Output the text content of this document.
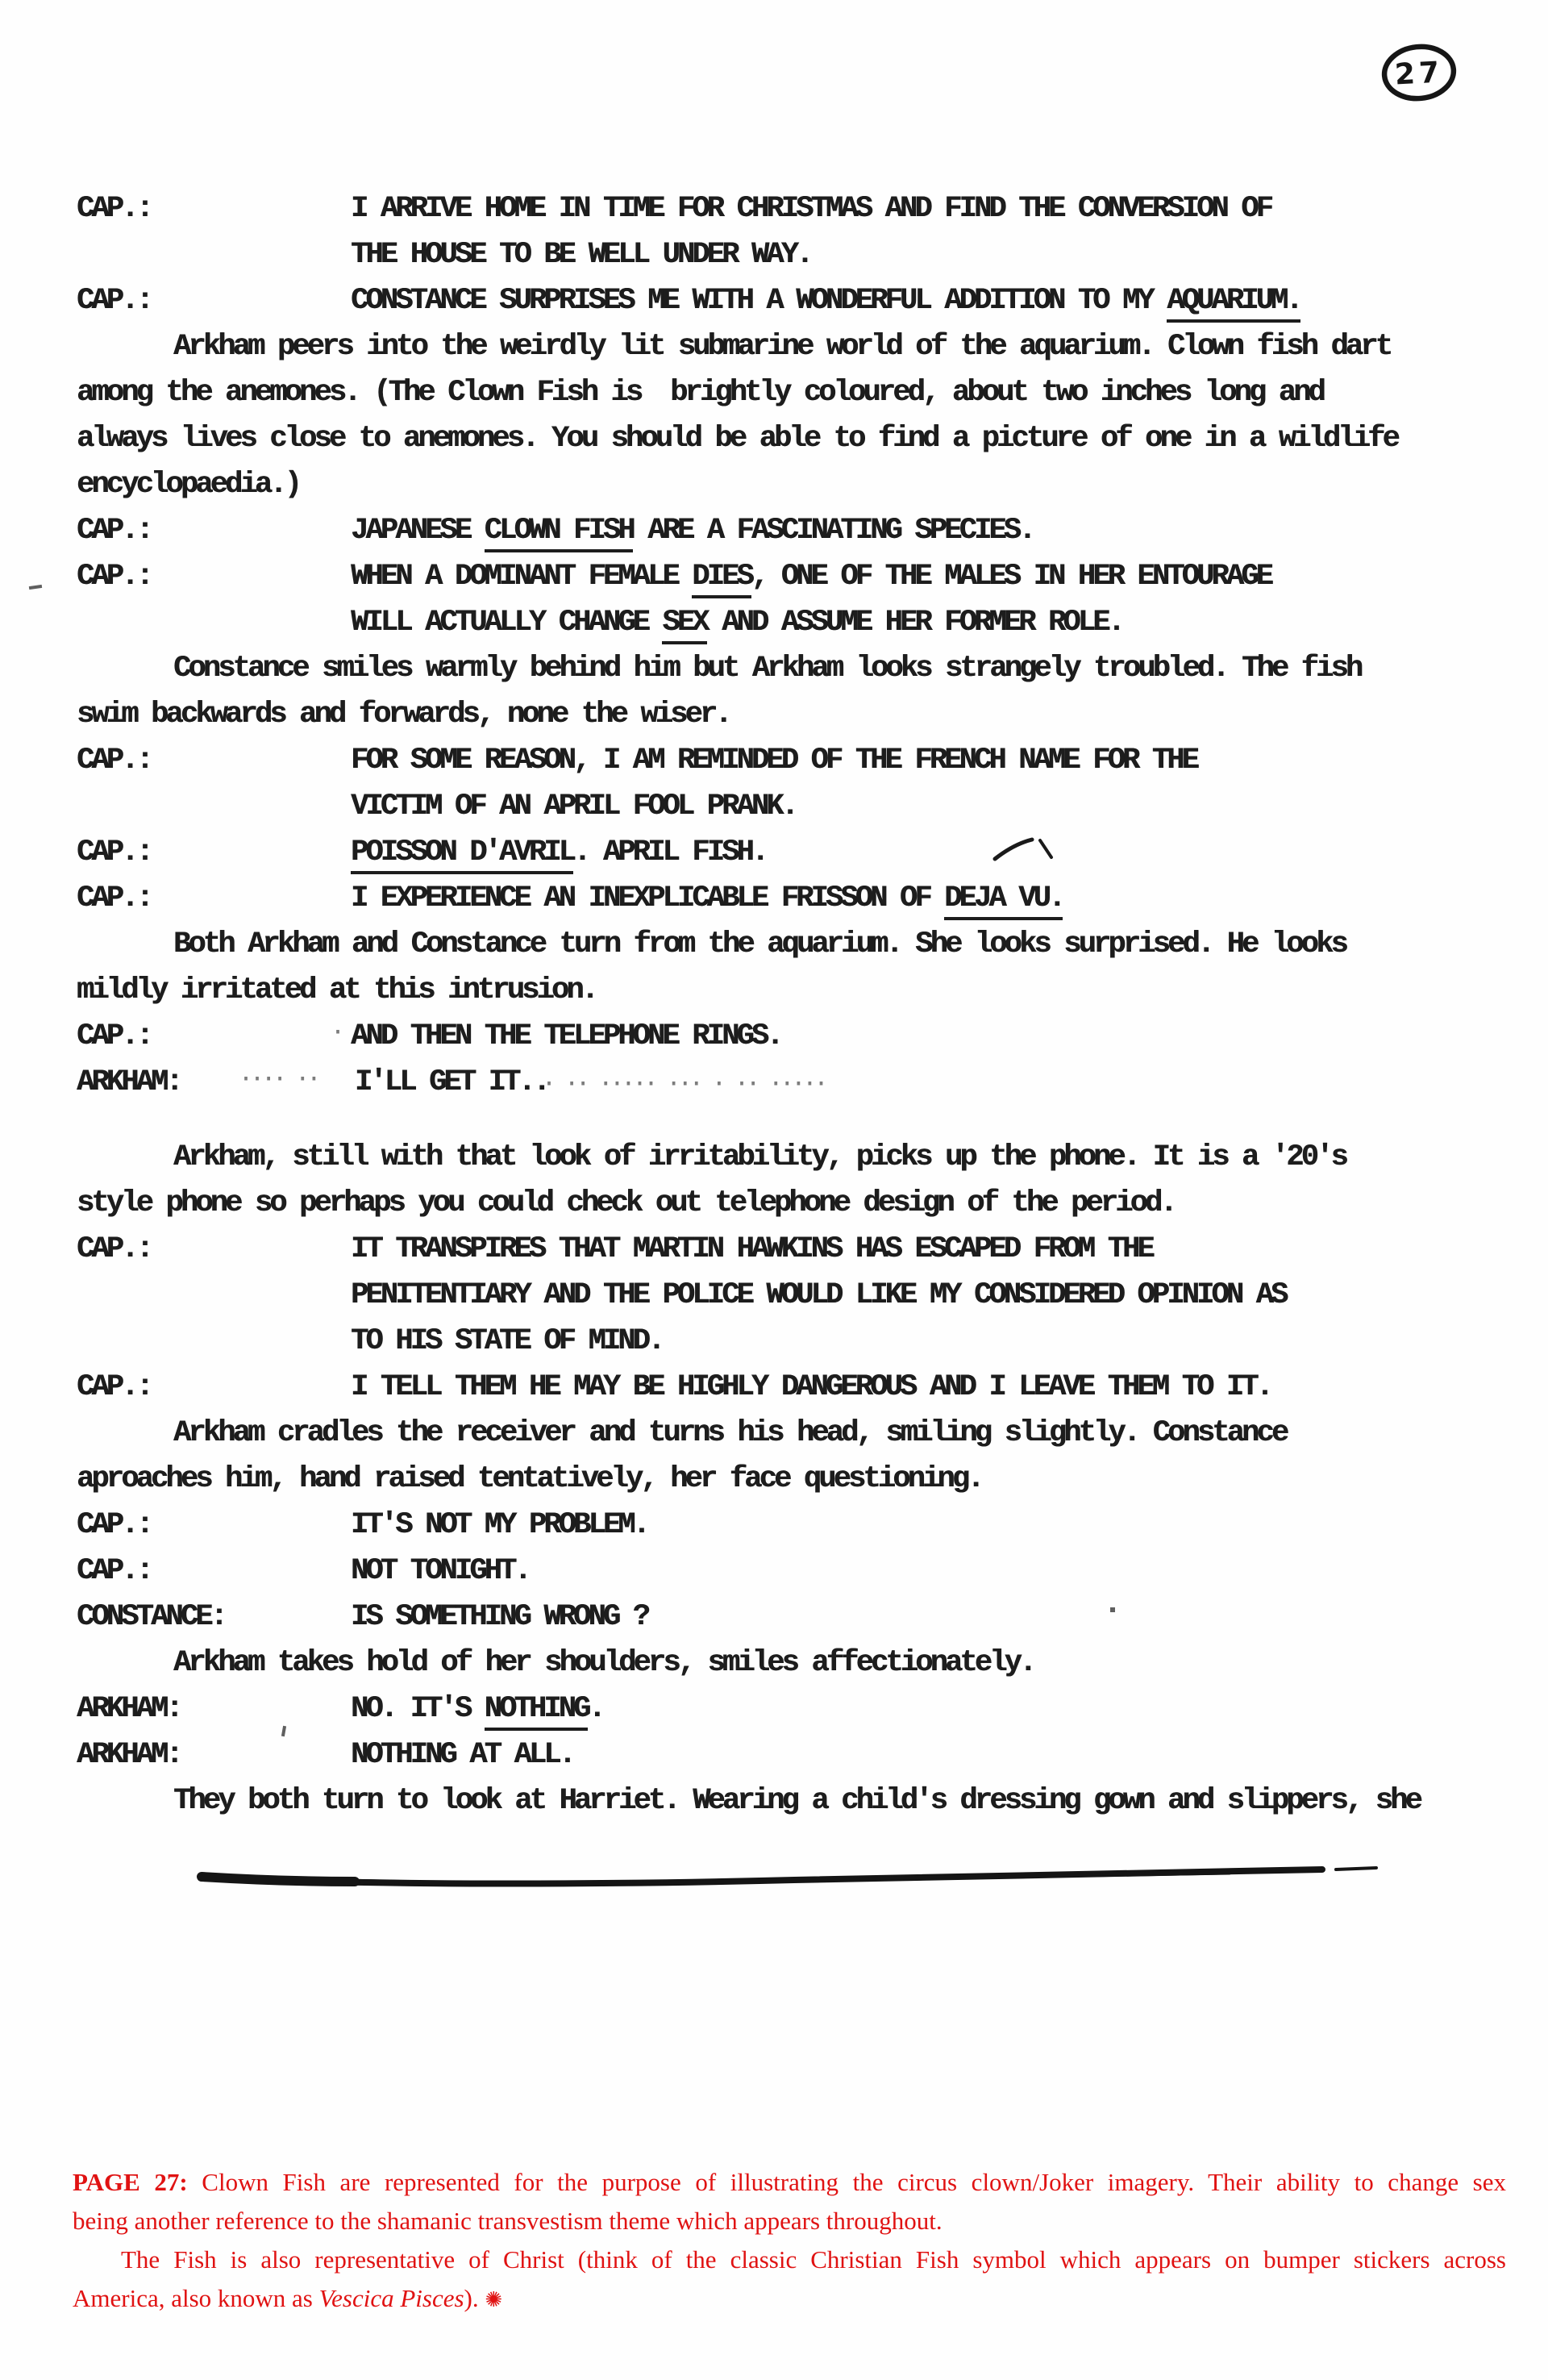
27
CAP.:	I ARRIVE HOME IN TIME FOR CHRISTMAS AND FIND THE CONVERSION OF
THE HOUSE TO BE WELL UNDER WAY.
CAP.:	CONSTANCE SURPRISES ME WITH A WONDERFUL ADDITION TO MY AQUARIUM.
Arkham peers into the weirdly lit submarine world of the aquarium. Clown fish dart
among the anemones. (The Clown Fish is  brightly coloured, about two inches long and
always lives close to anemones. You should be able to find a picture of one in a wildlife
encyclopaedia.)
CAP.:	JAPANESE CLOWN FISH ARE A FASCINATING SPECIES.
CAP.:	WHEN A DOMINANT FEMALE DIES, ONE OF THE MALES IN HER ENTOURAGE
WILL ACTUALLY CHANGE SEX AND ASSUME HER FORMER ROLE.
Constance smiles warmly behind him but Arkham looks strangely troubled. The fish
swim backwards and forwards, none the wiser.
CAP.:	FOR SOME REASON, I AM REMINDED OF THE FRENCH NAME FOR THE
VICTIM OF AN APRIL FOOL PRANK.
CAP.:	POISSON D'AVRIL. APRIL FISH.
CAP.:	I EXPERIENCE AN INEXPLICABLE FRISSON OF DEJA VU.
Both Arkham and Constance turn from the aquarium. She looks surprised. He looks
mildly irritated at this intrusion.
CAP.:	AND THEN THE TELEPHONE RINGS.
ARKHAM:	I'LL GET IT..
Arkham, still with that look of irritability, picks up the phone. It is a '20's
style phone so perhaps you could check out telephone design of the period.
CAP.:	IT TRANSPIRES THAT MARTIN HAWKINS HAS ESCAPED FROM THE
PENITENTIARY AND THE POLICE WOULD LIKE MY CONSIDERED OPINION AS
TO HIS STATE OF MIND.
CAP.:	I TELL THEM HE MAY BE HIGHLY DANGEROUS AND I LEAVE THEM TO IT.
Arkham cradles the receiver and turns his head, smiling slightly. Constance
aproaches him, hand raised tentatively, her face questioning.
CAP.:	IT'S NOT MY PROBLEM.
CAP.:	NOT TONIGHT.
CONSTANCE:	IS SOMETHING WRONG ?
Arkham takes hold of her shoulders, smiles affectionately.
ARKHAM:	NO. IT'S NOTHING.
ARKHAM:	NOTHING AT ALL.
They both turn to look at Harriet. Wearing a child's dressing gown and slippers, she
PAGE 27: Clown Fish are represented for the purpose of illustrating the circus clown/Joker imagery. Their ability to change sex
being another reference to the shamanic transvestism theme which appears throughout.
The Fish is also representative of Christ (think of the classic Christian Fish symbol which appears on bumper stickers across
America, also known as Vescica Pisces). ✺
·
···· ··	· ·· ····· ··· · ·· ·····
